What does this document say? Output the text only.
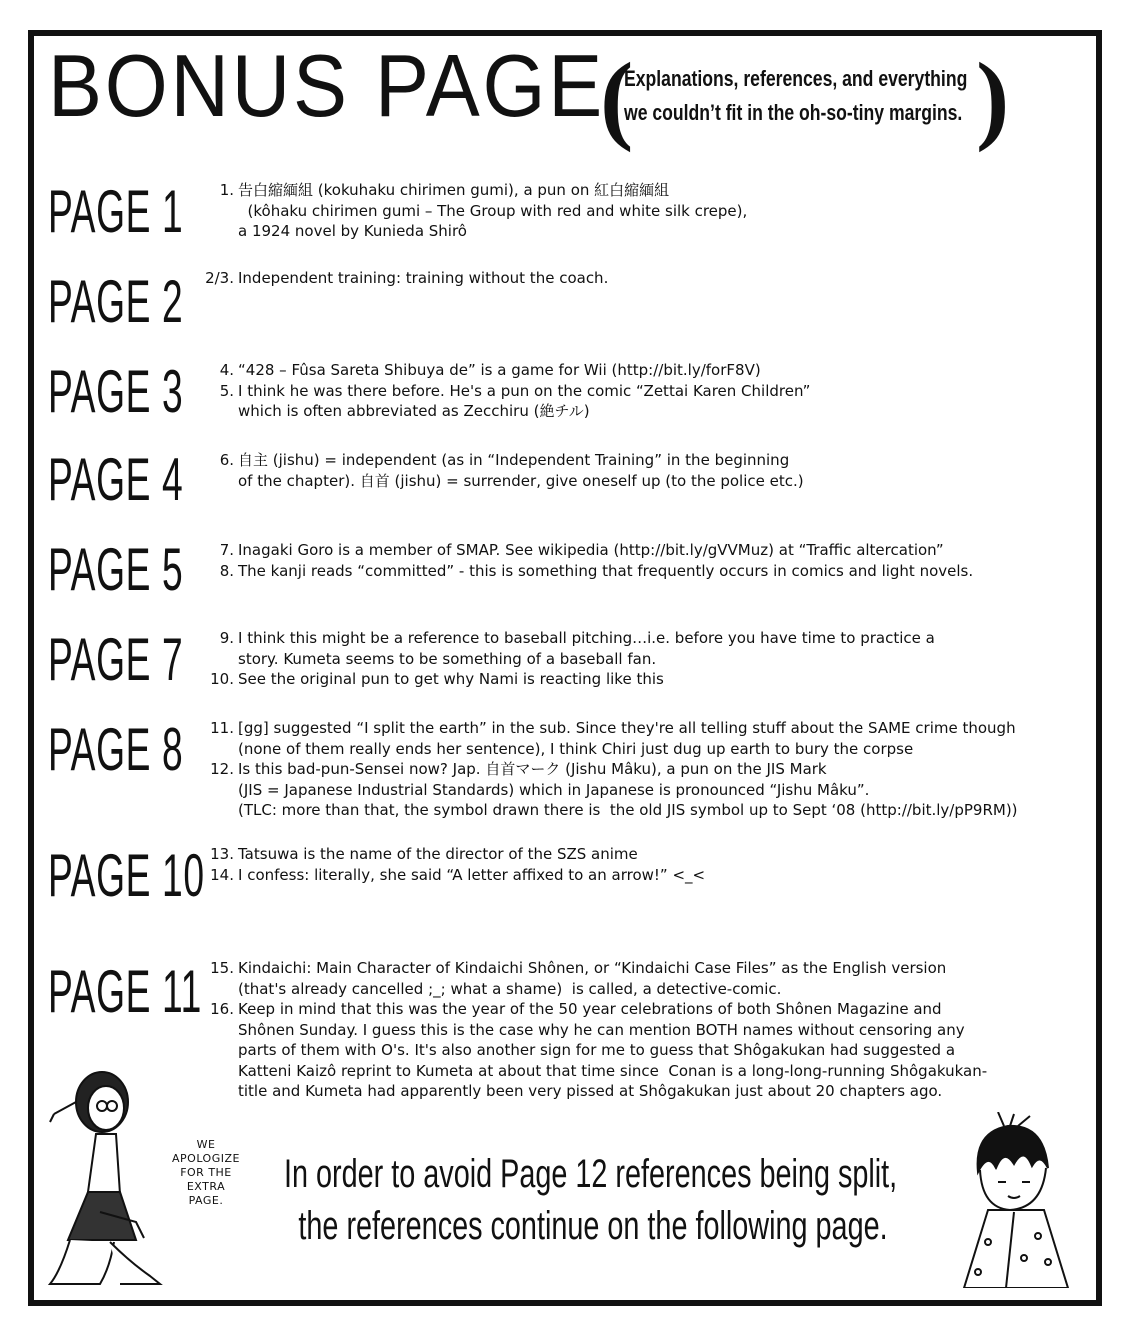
BONUS PAGE
(
Explanations, references, and everything
we couldn’t fit in the oh-so-tiny margins. )
PAGE 1	1. 告白縮緬組 (kokuhaku chirimen gumi), a pun on 紅白縮緬組
(kôhaku chirimen gumi – The Group with red and white silk crepe),
a 1924 novel by Kunieda Shirô
PAGE 2 2/3. Independent training: training without the coach.
PAGE 3	4. “428 – Fûsa Sareta Shibuya de” is a game for Wii (http://bit.ly/forF8V)
5. I think he was there before. He's a pun on the comic “Zettai Karen Children”
which is often abbreviated as Zecchiru (絶チル)
PAGE 4	6. 自主 (jishu) = independent (as in “Independent Training” in the beginning
of the chapter). 自首 (jishu) = surrender, give oneself up (to the police etc.)
PAGE 5	7. Inagaki Goro is a member of SMAP. See wikipedia (http://bit.ly/gVVMuz) at “Traffic altercation”
8. The kanji reads “committed” - this is something that frequently occurs in comics and light novels.
PAGE 7	9. I think this might be a reference to baseball pitching…i.e. before you have time to practice a
story. Kumeta seems to be something of a baseball fan.
10. See the original pun to get why Nami is reacting like this
PAGE 8	11. [gg] suggested “I split the earth” in the sub. Since they're all telling stuff about the SAME crime though
(none of them really ends her sentence), I think Chiri just dug up earth to bury the corpse
12. Is this bad-pun-Sensei now? Jap. 自首マーク (Jishu Mâku), a pun on the JIS Mark
(JIS = Japanese Industrial Standards) which in Japanese is pronounced “Jishu Mâku”.
(TLC: more than that, the symbol drawn there is  the old JIS symbol up to Sept ‘08 (http://bit.ly/pP9RM))
PAGE 10 13. Tatsuwa is the name of the director of the SZS anime
14. I confess: literally, she said “A letter affixed to an arrow!” <_<
PAGE 11 15. Kindaichi: Main Character of Kindaichi Shônen, or “Kindaichi Case Files” as the English version
(that's already cancelled ;_; what a shame)  is called, a detective-comic.
16. Keep in mind that this was the year of the 50 year celebrations of both Shônen Magazine and
Shônen Sunday. I guess this is the case why he can mention BOTH names without censoring any
parts of them with O's. It's also another sign for me to guess that Shôgakukan had suggested a
Katteni Kaizô reprint to Kumeta at about that time since  Conan is a long-long-running Shôgakukan-
title and Kumeta had apparently been very pissed at Shôgakukan just about 20 chapters ago.
WE
APOLOGIZE
FOR THE
EXTRA
PAGE.
In order to avoid Page 12 references being split,
the references continue on the following page.
